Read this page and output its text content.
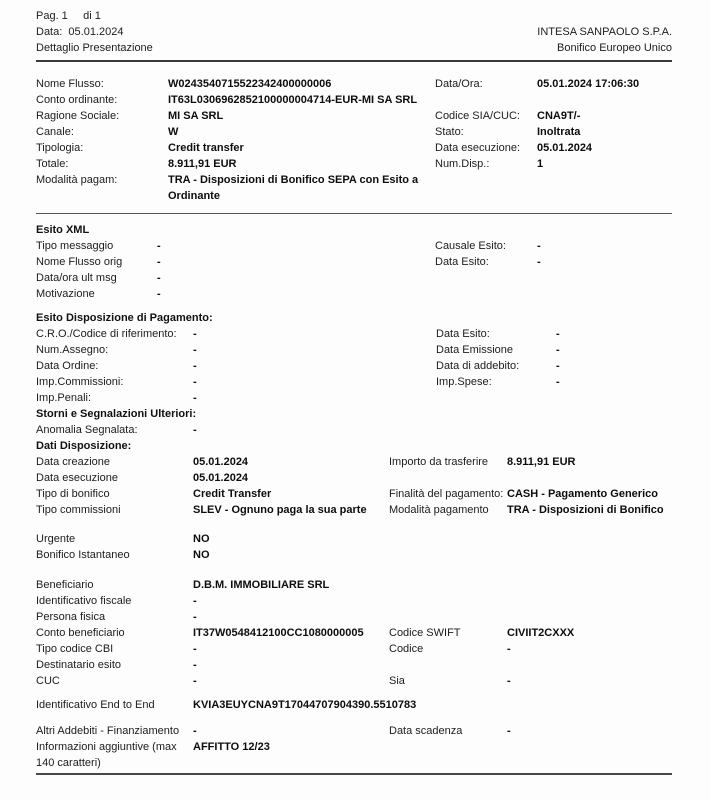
Pag. 1     di 1
Data:  05.01.2024
Dettaglio Presentazione
INTESA SANPAOLO S.P.A.
Bonifico Europeo Unico
Nome Flusso:	W0243540715522342400000006	Data/Ora:	05.01.2024 17:06:30
Conto ordinante:	IT63L0306962852100000004714-EUR-MI SA SRL
Ragione Sociale:	MI SA SRL	Codice SIA/CUC:	CNA9T/-
Canale:	W	Stato:	Inoltrata
Tipologia:	Credit transfer	Data esecuzione:	05.01.2024
Totale:	8.911,91 EUR	Num.Disp.:	1
Modalità pagam:	TRA - Disposizioni di Bonifico SEPA con Esito a Ordinante
Esito XML
Tipo messaggio	-	Causale Esito:	-
Nome Flusso orig	-	Data Esito:	-
Data/ora ult msg	-
Motivazione	-
Esito Disposizione di Pagamento:
C.R.O./Codice di riferimento:	-	Data Esito:	-
Num.Assegno:	-	Data Emissione	-
Data Ordine:	-	Data di addebito:	-
Imp.Commissioni:	-	Imp.Spese:	-
Imp.Penali:	-
Storni e Segnalazioni Ulteriori:
Anomalia Segnalata:	-
Dati Disposizione:
Data creazione	05.01.2024	Importo da trasferire	8.911,91 EUR
Data esecuzione	05.01.2024
Tipo di bonifico	Credit Transfer	Finalità del pagamento: CASH - Pagamento Generico
Tipo commissioni	SLEV - Ognuno paga la sua parte	Modalità pagamento	TRA - Disposizioni di Bonifico
Urgente	NO
Bonifico Istantaneo	NO
Beneficiario	D.B.M. IMMOBILIARE SRL
Identificativo fiscale	-
Persona fisica	-
Conto beneficiario	IT37W0548412100CC1080000005	Codice SWIFT	CIVIIT2CXXX
Tipo codice CBI	-	Codice	-
Destinatario esito	-
CUC	-	Sia	-
Identificativo End to End	KVIA3EUYCNA9T17044707904390.5510783
Altri Addebiti - Finanziamento	-	Data scadenza	-
Informazioni aggiuntive (max 140 caratteri)
AFFITTO 12/23
